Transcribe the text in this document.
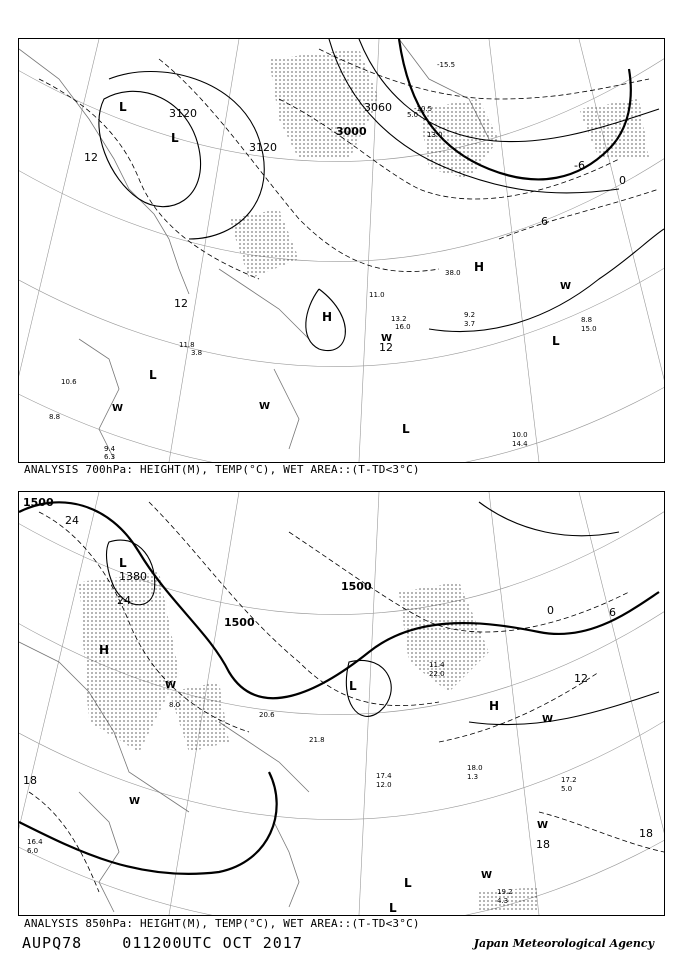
3120
3120
3060
3000
12
12
12
-6
0
6
L
L
L
L
L
H
H
W
W
W	W
-15.5
-10.5
13.0
5.0
11.0
38.0
9.2
3.7	8.8
15.0
10.0
14.4
16.0
13.2
11.8
3.8
9.4
6.3
10.6
8.8
ANALYSIS 700hPa: HEIGHT(M), TEMP(°C), WET AREA::(T-TD<3°C)
1500
1500
1500
1380
24
24
18
18
12
6
0
18
L
L
L
L
H
H
W
W
W
W
W
17.2
5.0
18.0
1.3
19.2
4.3
16.4
6.0
17.4
12.0
11.4
22.0
21.8
20.6
8.0
ANALYSIS 850hPa: HEIGHT(M), TEMP(°C), WET AREA::(T-TD<3°C)
AUPQ78    011200UTC OCT 2017	Japan Meteorological Agency
